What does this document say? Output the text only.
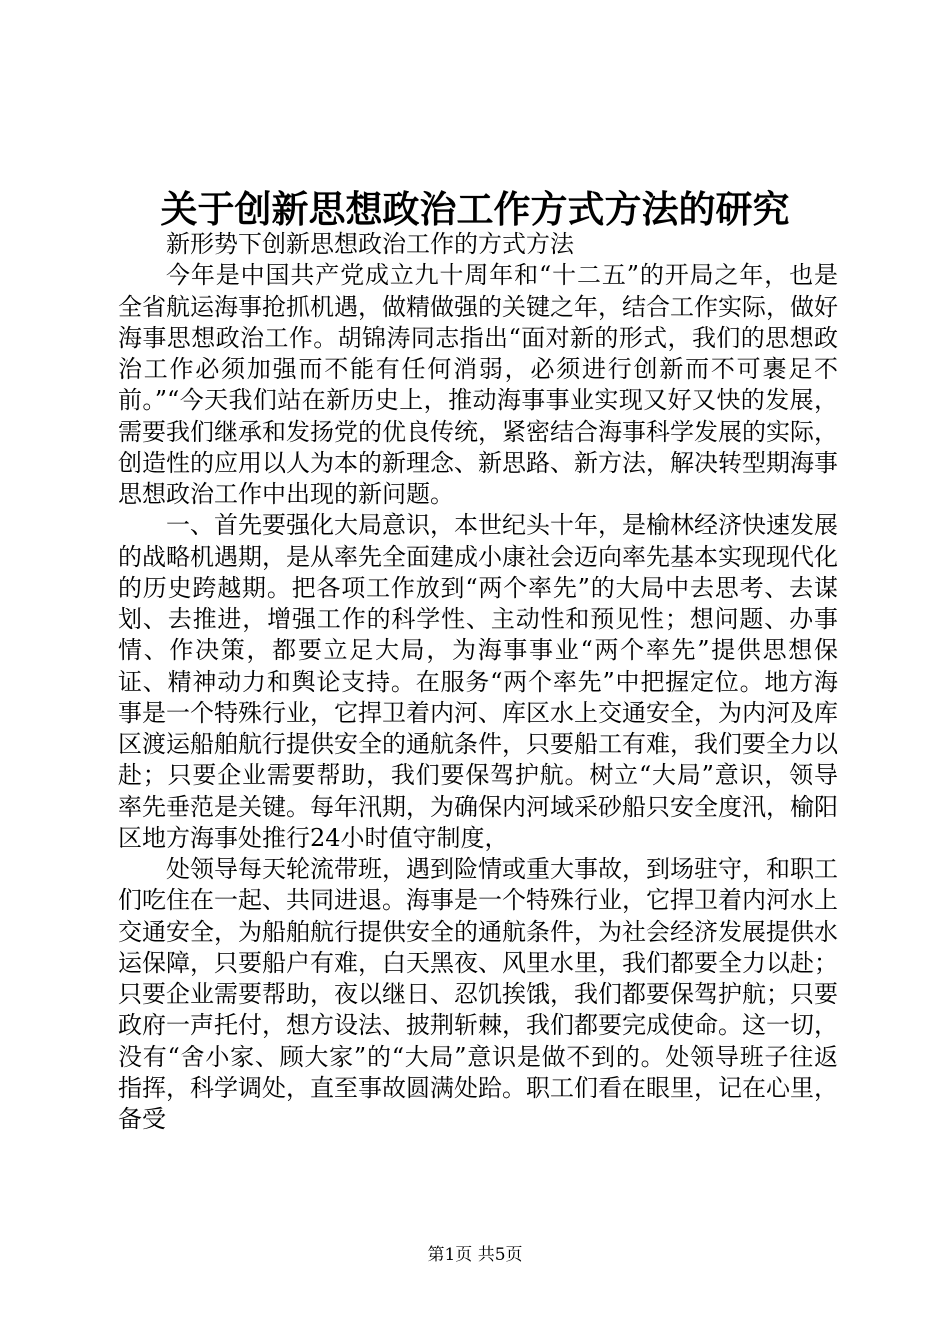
关于创新思想政治工作方式方法的研究

新形势下创新思想政治工作的方式方法

今年是中国共产党成立九十周年和“十二五”的开局之年，也是全省航运海事抢抓机遇，做精做强的关键之年，结合工作实际，做好海事思想政治工作。胡锦涛同志指出“面对新的形式，我们的思想政治工作必须加强而不能有任何消弱，必须进行创新而不可裹足不前。”“今天我们站在新历史上，推动海事事业实现又好又快的发展，需要我们继承和发扬党的优良传统，紧密结合海事科学发展的实际，创造性的应用以人为本的新理念、新思路、新方法，解决转型期海事思想政治工作中出现的新问题。

一、首先要强化大局意识，本世纪头十年，是榆林经济快速发展的战略机遇期，是从率先全面建成小康社会迈向率先基本实现现代化的历史跨越期。把各项工作放到“两个率先”的大局中去思考、去谋划、去推进，增强工作的科学性、主动性和预见性；想问题、办事情、作决策，都要立足大局，为海事事业“两个率先”提供思想保证、精神动力和舆论支持。在服务“两个率先”中把握定位。地方海事是一个特殊行业，它捍卫着内河、库区水上交通安全，为内河及库区渡运船舶航行提供安全的通航条件，只要船工有难，我们要全力以赴；只要企业需要帮助，我们要保驾护航。树立“大局”意识，领导率先垂范是关键。每年汛期，为确保内河域采砂船只安全度汛，榆阳区地方海事处推行24小时值守制度，

处领导每天轮流带班，遇到险情或重大事故，到场驻守，和职工们吃住在一起、共同进退。海事是一个特殊行业，它捍卫着内河水上交通安全，为船舶航行提供安全的通航条件，为社会经济发展提供水运保障，只要船户有难，白天黑夜、风里水里，我们都要全力以赴；只要企业需要帮助，夜以继日、忍饥挨饿，我们都要保驾护航；只要政府一声托付，想方设法、披荆斩棘，我们都要完成使命。这一切，没有“舍小家、顾大家”的“大局”意识是做不到的。处领导班子往返指挥，科学调处，直至事故圆满处跲。职工们看在眼里，记在心里，备受

第1页 共5页
